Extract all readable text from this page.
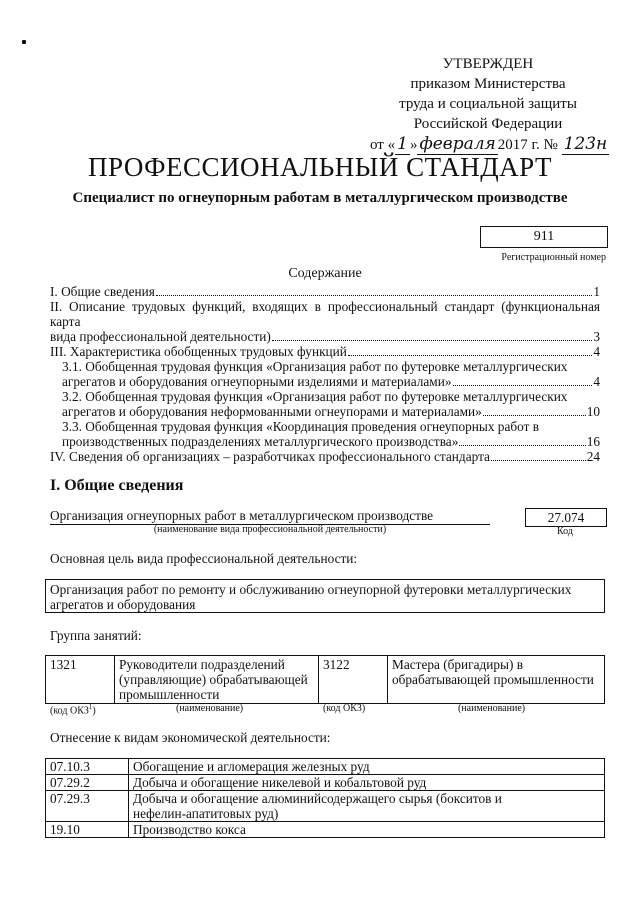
УТВЕРЖДЕН
приказом Министерства
труда и социальной защиты
Российской Федерации
от « 1 » февраля 2017 г. № 123н
ПРОФЕССИОНАЛЬНЫЙ СТАНДАРТ
Специалист по огнеупорным работам в металлургическом производстве
911
Регистрационный номер
Содержание
I. Общие сведения	1
II. Описание трудовых функций, входящих в профессиональный стандарт (функциональная карта
вида профессиональной деятельности)	3
III. Характеристика обобщенных трудовых функций	4
3.1. Обобщенная трудовая функция «Организация работ по футеровке металлургических
агрегатов и оборудования огнеупорными изделиями и материалами»	4
3.2. Обобщенная трудовая функция «Организация работ по футеровке металлургических
агрегатов и оборудования неформованными огнеупорами и материалами»	10
3.3. Обобщенная трудовая функция «Координация проведения огнеупорных работ в
производственных подразделениях металлургического производства»	16
IV. Сведения об организациях – разработчиках профессионального стандарта	24
I. Общие сведения
Организация огнеупорных работ в металлургическом производстве
(наименование вида профессиональной деятельности)
27.074
Код
Основная цель вида профессиональной деятельности:
Организация работ по ремонту и обслуживанию огнеупорной футеровки металлургических агрегатов и оборудования
Группа занятий:
1321	Руководители подразделений (управляющие) обрабатывающей промышленности	3122	Мастера (бригадиры) в обрабатывающей промышленности
(код ОКЗ$^1$)	(наименование)	(код ОКЗ)	(наименование)
Отнесение к видам экономической деятельности:
07.10.3	Обогащение и агломерация железных руд
07.29.2	Добыча и обогащение никелевой и кобальтовой руд
07.29.3	Добыча и обогащение алюминийсодержащего сырья (бокситов и нефелин-апатитовых руд)
19.10	Производство кокса
